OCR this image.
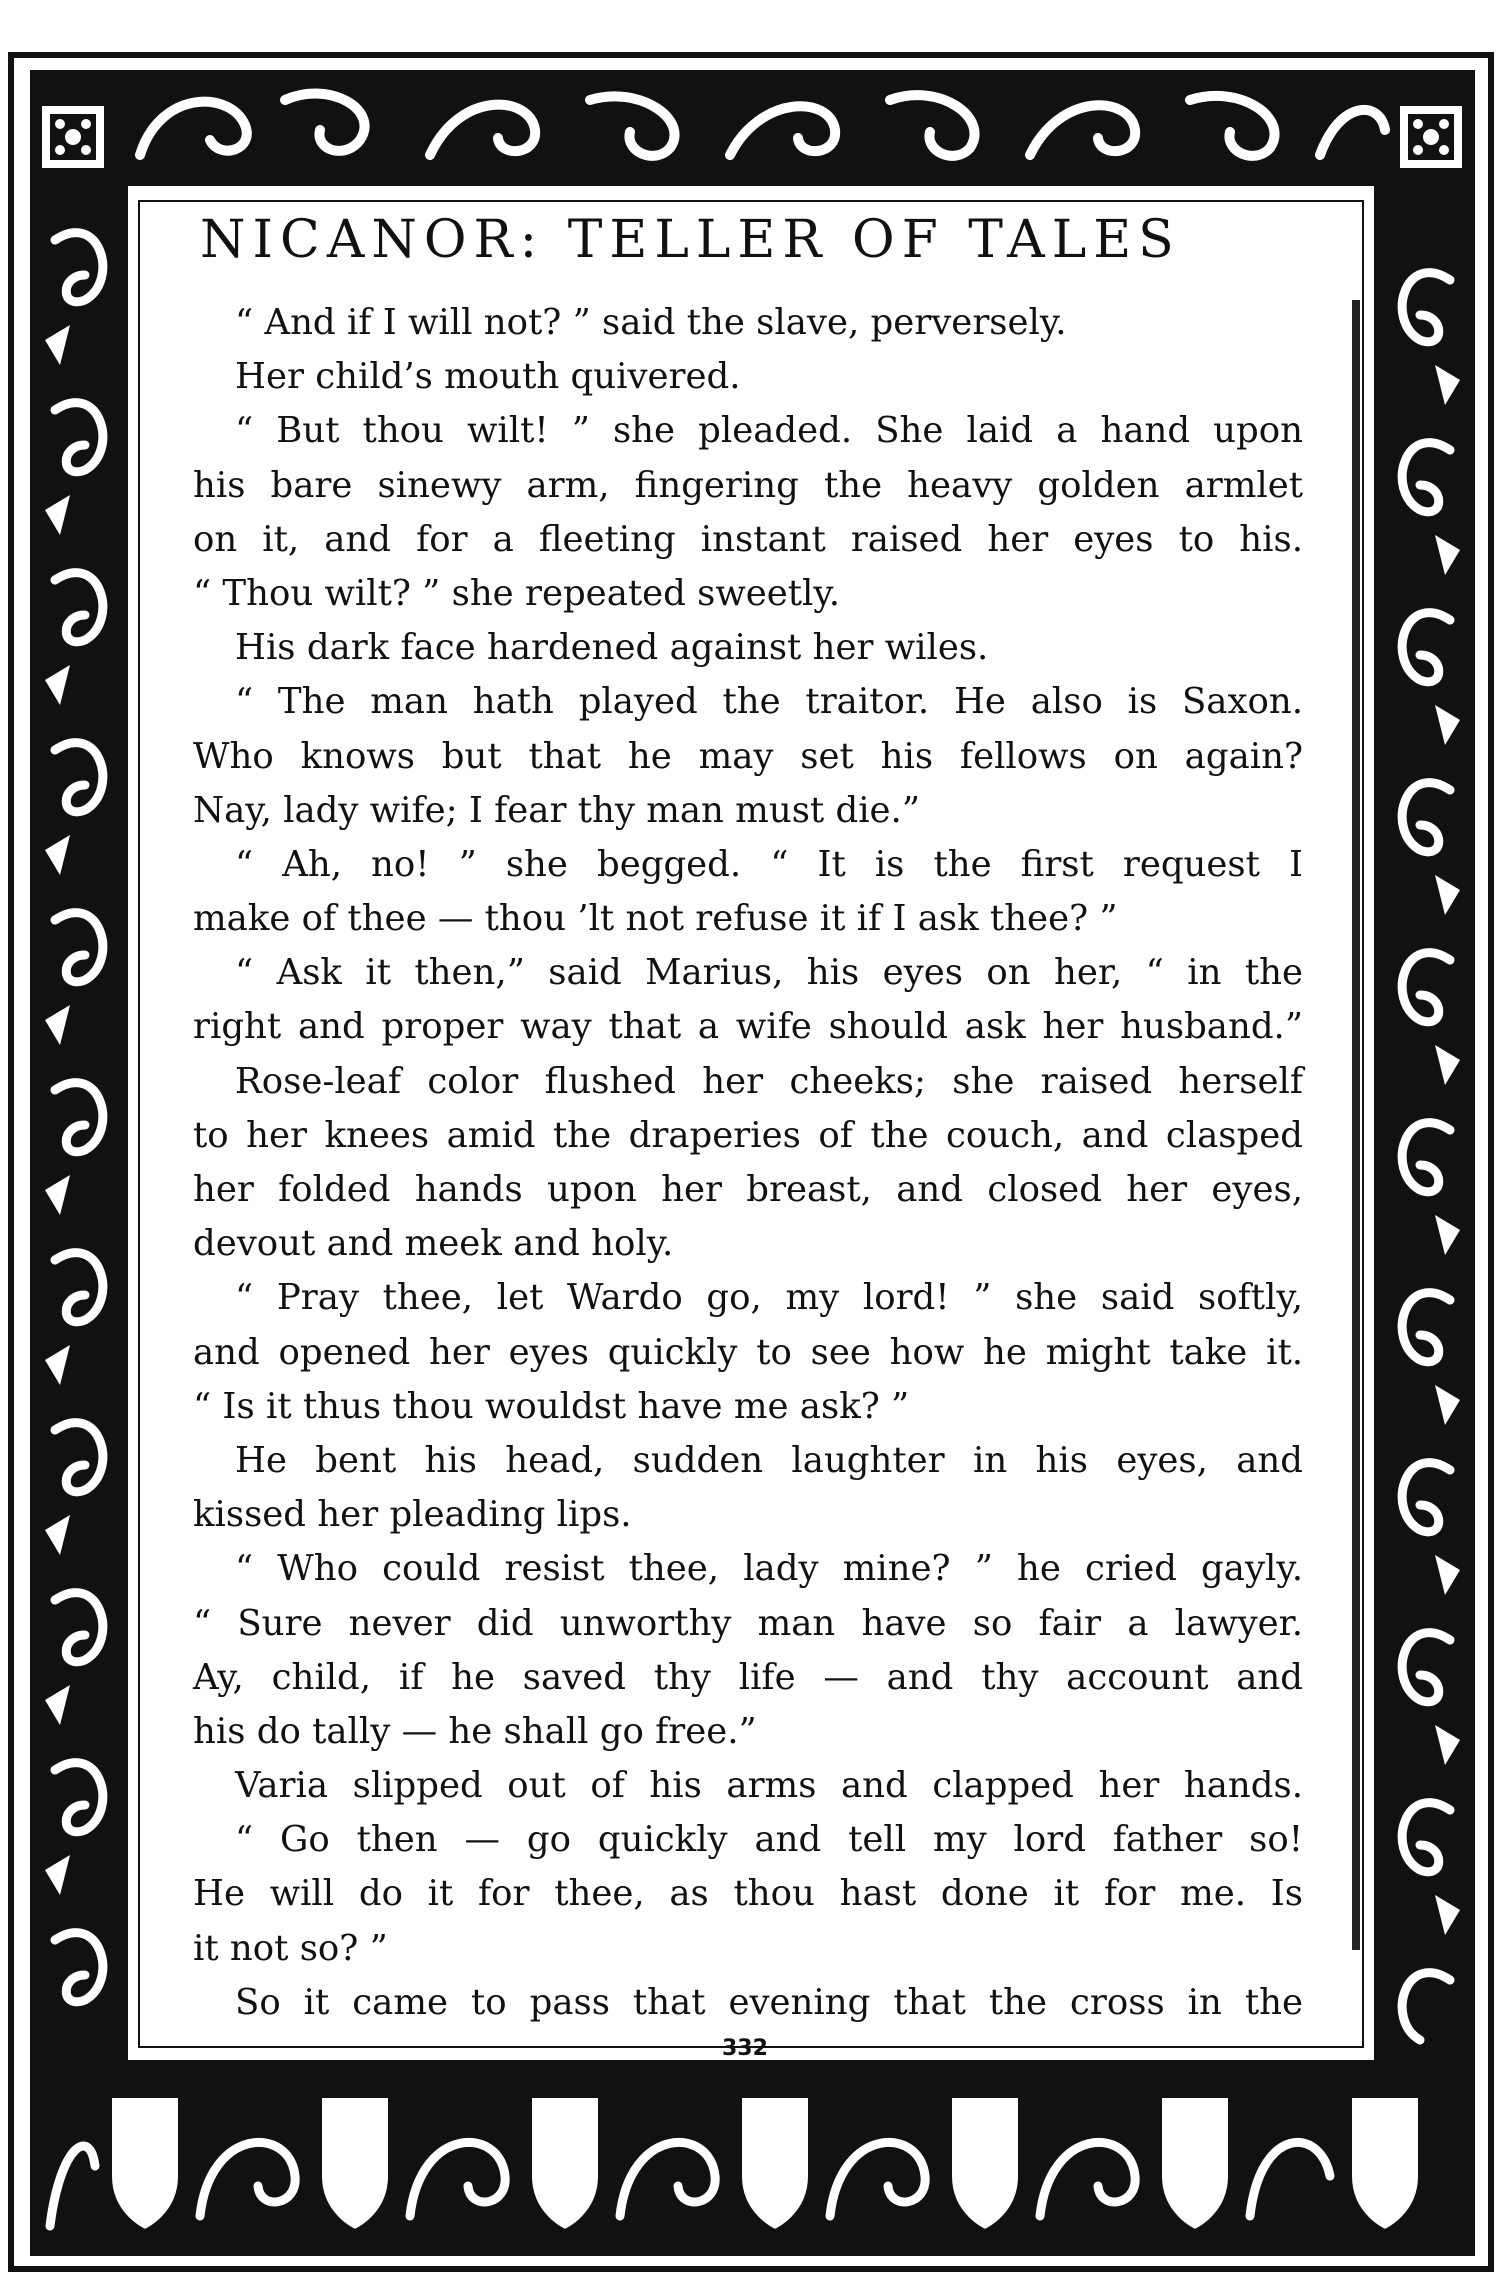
NICANOR: TELLER OF TALES
“ And if I will not? ” said the slave, perversely.
Her child’s mouth quivered.
“ But thou wilt! ” she pleaded. She laid a hand upon
his bare sinewy arm, fingering the heavy golden armlet
on it, and for a fleeting instant raised her eyes to his.
“ Thou wilt? ” she repeated sweetly.
His dark face hardened against her wiles.
“ The man hath played the traitor. He also is Saxon.
Who knows but that he may set his fellows on again?
Nay, lady wife; I fear thy man must die.”
“ Ah, no! ” she begged. “ It is the first request I
make of thee — thou ’lt not refuse it if I ask thee? ”
“ Ask it then,” said Marius, his eyes on her, “ in the
right and proper way that a wife should ask her husband.”
Rose-leaf color flushed her cheeks; she raised herself
to her knees amid the draperies of the couch, and clasped
her folded hands upon her breast, and closed her eyes,
devout and meek and holy.
“ Pray thee, let Wardo go, my lord! ” she said softly,
and opened her eyes quickly to see how he might take it.
“ Is it thus thou wouldst have me ask? ”
He bent his head, sudden laughter in his eyes, and
kissed her pleading lips.
“ Who could resist thee, lady mine? ” he cried gayly.
“ Sure never did unworthy man have so fair a lawyer.
Ay, child, if he saved thy life — and thy account and
his do tally — he shall go free.”
Varia slipped out of his arms and clapped her hands.
“ Go then — go quickly and tell my lord father so!
He will do it for thee, as thou hast done it for me. Is
it not so? ”
So it came to pass that evening that the cross in the
332
